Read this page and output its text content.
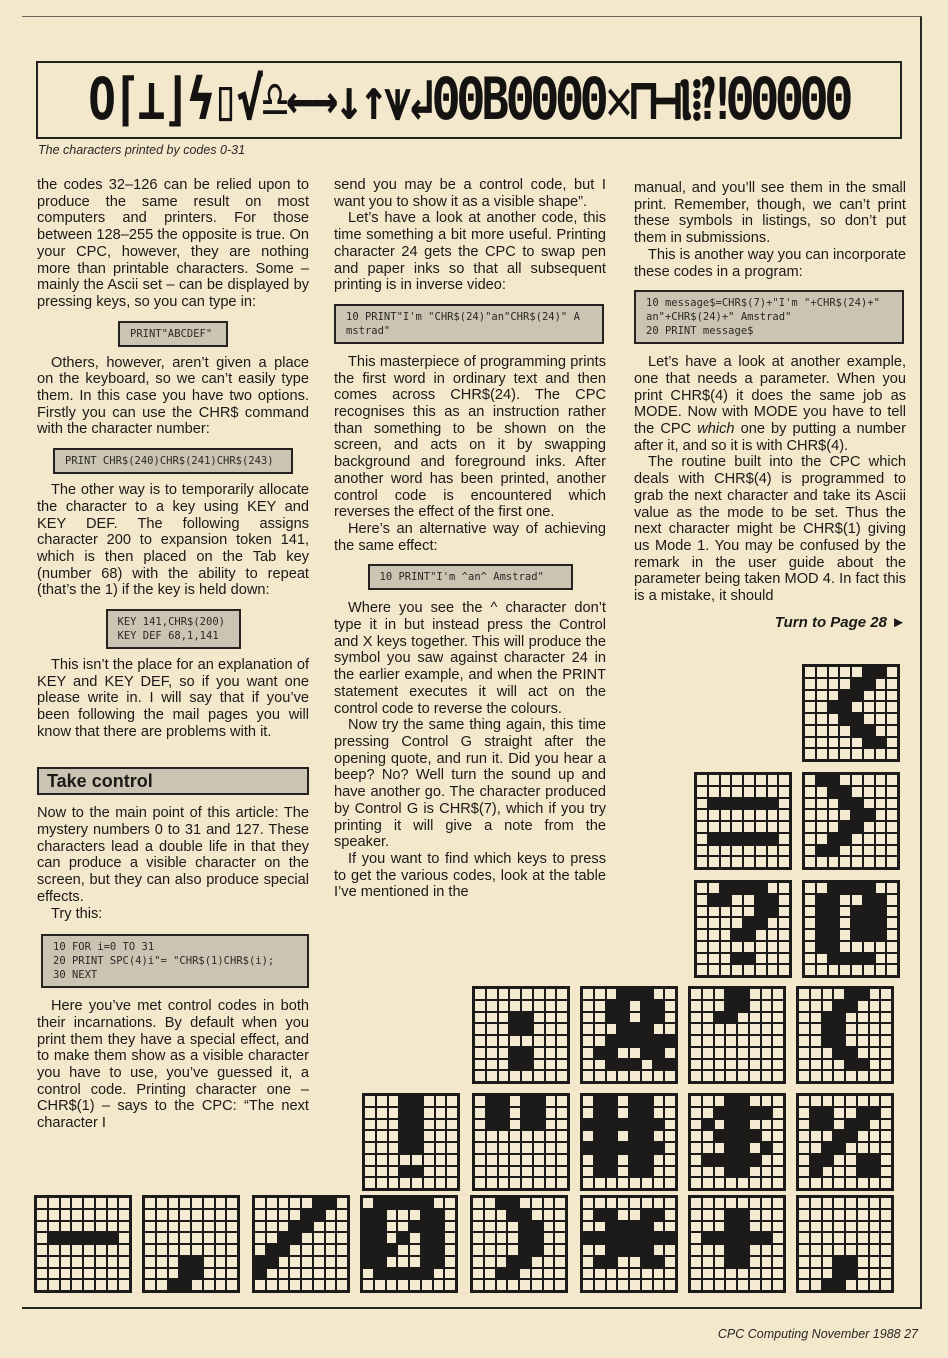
Ο⌈⊥⌋ϟ▯√♎←→↓↑⩛↲ΘΘΒΘΘΘΘ✕⊓⊣Ⲓ⁞⁈ΘΘΘΘΘ
The characters printed by codes 0-31

the codes 32–126 can be relied upon to produce the same result on most computers and printers. For those between 128–255 the opposite is true. On your CPC, however, they are nothing more than printable characters. Some – mainly the Ascii set – can be displayed by pressing keys, so you can type in:

PRINT"ABCDEF"

Others, however, aren’t given a place on the keyboard, so we can’t easily type them. In this case you have two options. Firstly you can use the CHR$ command with the character number:

PRINT CHR$(240)CHR$(241)CHR$(243)

The other way is to temporarily allocate the character to a key using KEY and KEY DEF. The following assigns character 200 to expansion token 141, which is then placed on the Tab key (number 68) with the ability to repeat (that’s the 1) if the key is held down:

KEY 141,CHR$(200)
KEY DEF 68,1,141

This isn’t the place for an explanation of KEY and KEY DEF, so if you want one please write in. I will say that if you’ve been following the mail pages you will know that there are problems with it.

Take control

Now to the main point of this article: The mystery numbers 0 to 31 and 127. These characters lead a double life in that they can produce a visible character on the screen, but they can also produce special effects.

Try this:

10 FOR i=0 TO 31
20 PRINT SPC(4)i"= "CHR$(1)CHR$(i);
30 NEXT

Here you’ve met control codes in both their incarnations. By default when you print them they have a special effect, and to make them show as a visible character you have to use, you’ve guessed it, a control code. Printing character one – CHR$(1) – says to the CPC: “The next character I

send you may be a control code, but I want you to show it as a visible shape”.

Let’s have a look at another code, this time something a bit more useful. Printing character 24 gets the CPC to swap pen and paper inks so that all subsequent printing is in inverse video:

10 PRINT"I'm "CHR$(24)"an"CHR$(24)" A
mstrad"

This masterpiece of programming prints the first word in ordinary text and then comes across CHR$(24). The CPC recognises this as an instruction rather than something to be shown on the screen, and acts on it by swapping background and foreground inks. After another word has been printed, another control code is encountered which reverses the effect of the first one.

Here’s an alternative way of achieving the same effect:

10 PRINT"I'm ^an^ Amstrad"

Where you see the ^ character don’t type it in but instead press the Control and X keys together. This will produce the symbol you saw against character 24 in the earlier example, and when the PRINT statement executes it will act on the control code to reverse the colours.

Now try the same thing again, this time pressing Control G straight after the opening quote, and run it. Did you hear a beep? No? Well turn the sound up and have another go. The character produced by Control G is CHR$(7), which if you try printing it will give a note from the speaker.

If you want to find which keys to press to get the various codes, look at the table I’ve mentioned in the

manual, and you’ll see them in the small print. Remember, though, we can’t print these symbols in listings, so don’t put them in submissions.

This is another way you can incorporate these codes in a program:

10 message$=CHR$(7)+"I'm "+CHR$(24)+"
an"+CHR$(24)+" Amstrad"
20 PRINT message$

Let’s have a look at another example, one that needs a parameter. When you print CHR$(4) it does the same job as MODE. Now with MODE you have to tell the CPC which one by putting a number after it, and so it is with CHR$(4).

The routine built into the CPC which deals with CHR$(4) is programmed to grab the next character and take its Ascii value as the mode to be set. Thus the next character might be CHR$(1) giving us Mode 1. You may be confused by the remark in the user guide about the parameter being taken MOD 4. In fact this is a mistake, it should

Turn to Page 28 ►
CPC Computing November 1988 27
